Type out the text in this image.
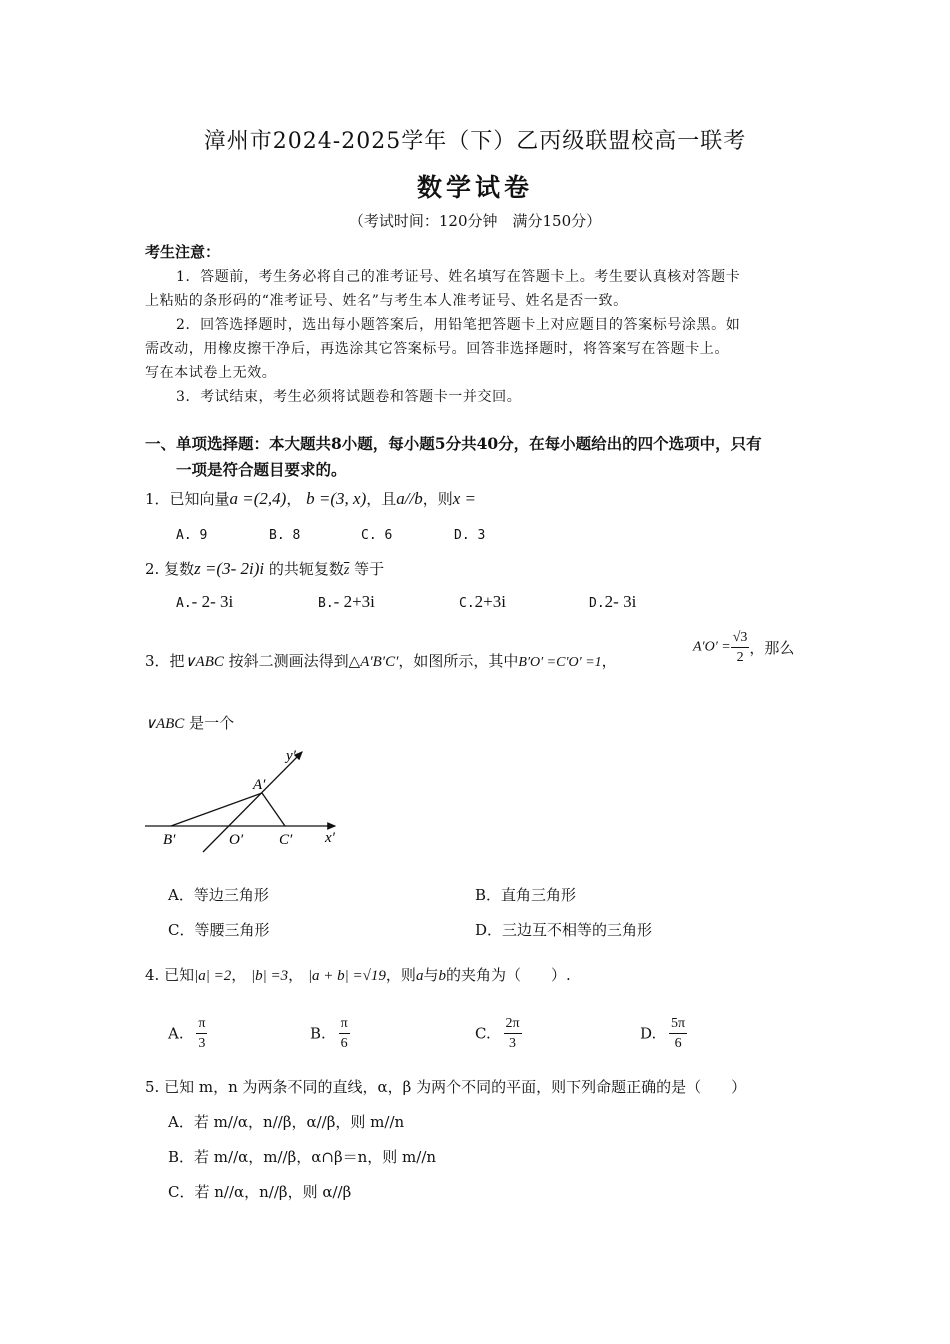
漳州市2024-2025学年（下）乙丙级联盟校高一联考
数学试卷
（考试时间：120分钟　满分150分）
考生注意：
1．答题前，考生务必将自己的准考证号、姓名填写在答题卡上。考生要认真核对答题卡
上粘贴的条形码的“准考证号、姓名”与考生本人准考证号、姓名是否一致。
2．回答选择题时，选出每小题答案后，用铅笔把答题卡上对应题目的答案标号涂黑。如
需改动，用橡皮擦干净后，再选涂其它答案标号。回答非选择题时，将答案写在答题卡上。
写在本试卷上无效。
3．考试结束，考生必须将试题卷和答题卡一并交回。
一、单项选择题：本大题共8小题，每小题5分共40分，在每小题给出的四个选项中，只有
一项是符合题目要求的。
1．已知向量a =(2,4)， b =(3, x)，且a//b，则x =
A. 9	B. 8	C. 6	D. 3
2. 复数z =(3- 2i)i 的共轭复数$\overline{z}$ 等于
A.- 2- 3i	B.- 2+3i	C.2+3i	D.2- 3i
3．把∨ABC 按斜二测画法得到△A′B′C′，如图所示，其中B′O′ =C′O′ =1，
$A'O' = \frac{√3}{2}$ ，那么
∨ABC 是一个
y′
A′
B′	O′ C′ x′
A．等边三角形	B．直角三角形
C．等腰三角形	D．三边互不相等的三角形
4. 已知|a| =2， |b| =3， |a + b| =√19，则a与b的夹角为（　　）.
A. $\frac{\pi}{3}$	B. $\frac{\pi}{6}$	C. $\frac{2\pi}{3}$	D. $\frac{5\pi}{6}$
5. 已知 m，n 为两条不同的直线，α，β 为两个不同的平面，则下列命题正确的是（　　）
A．若 m//α，n//β，α//β，则 m//n
B．若 m//α，m//β，α∩β＝n，则 m//n
C．若 n//α，n//β，则 α//β
